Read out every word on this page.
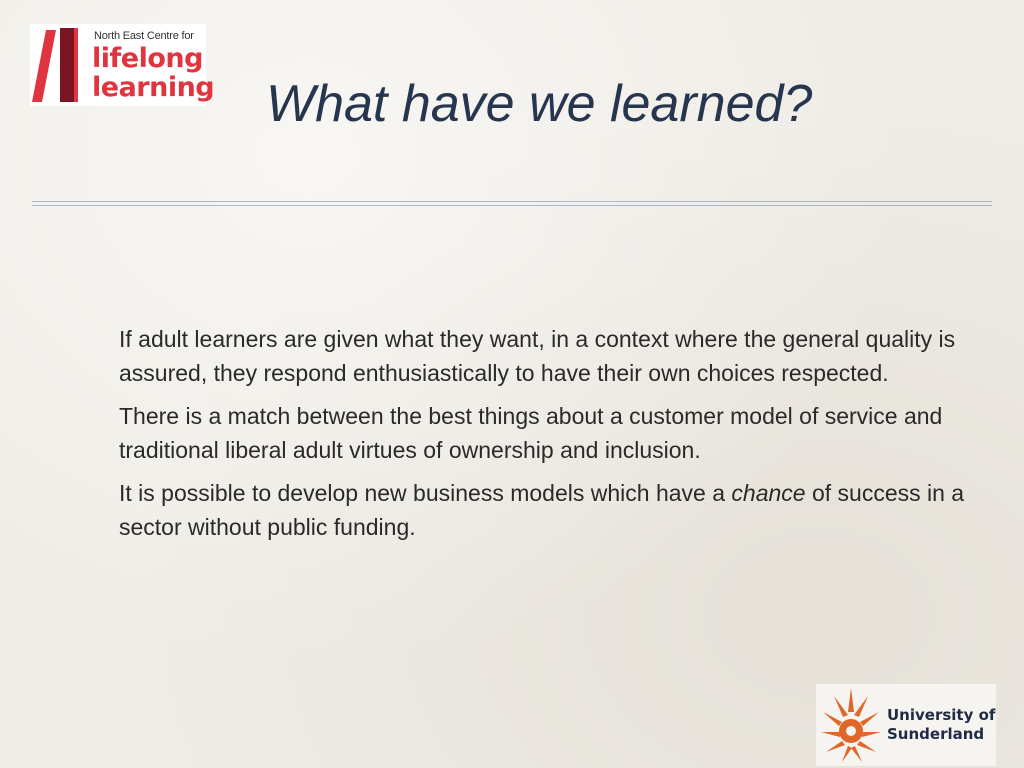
North East Centre for
lifelong
learning What have we learned?

If adult learners are given what they want, in a context where the general quality is assured, they respond enthusiastically to have their own choices respected.

There is a match between the best things about a customer model of service and traditional liberal adult virtues of ownership and inclusion.

It is possible to develop new business models which have a chance of success in a sector without public funding.

University of
Sunderland
